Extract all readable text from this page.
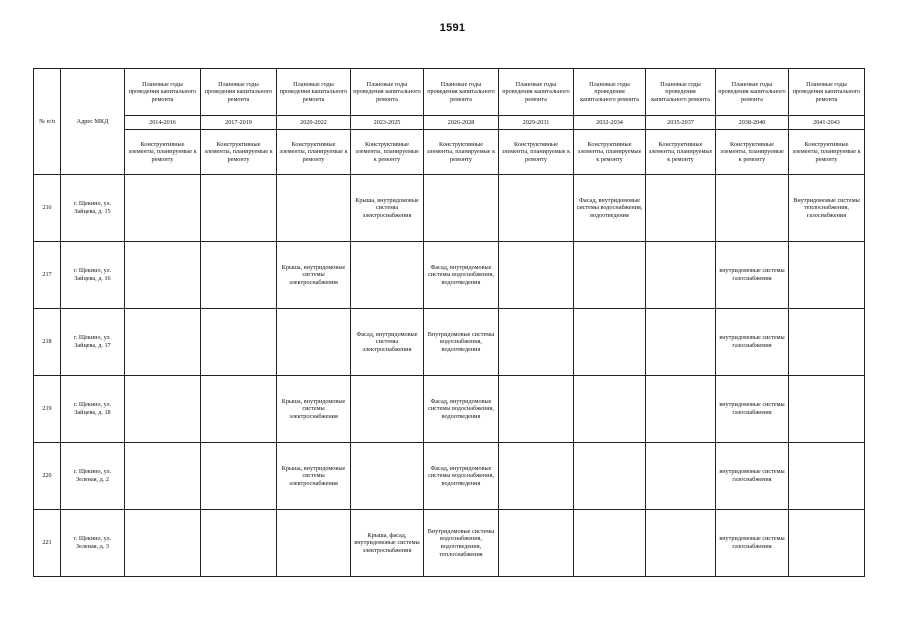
1591
№ п/п	Адрес МКД	Плановые годы проведения капитального ремонта	Плановые годы проведения капитального ремонта	Плановые годы проведения капитального ремонта	Плановые годы проведения капитального ремонта	Плановые годы проведения капитального ремонта	Плановые годы проведения капитального ремонта	Плановые годы проведения капитального ремонта	Плановые годы проведения капитального ремонта	Плановые годы проведения капитального ремонта	Плановые годы проведения капитального ремонта
		2014-2016	2017-2019	2020-2022	2023-2025	2026-2028	2029-2031	2032-2034	2035-2037	2038-2040	2041-2043
		Конструктивные элементы, планируемые к ремонту	Конструктивные элементы, планируемые к ремонту	Конструктивные элементы, планируемые к ремонту	Конструктивные элементы, планируемые к ремонту	Конструктивные элементы, планируемые к ремонту	Конструктивные элементы, планируемые к ремонту	Конструктивные элементы, планируемые к ремонту	Конструктивные элементы, планируемые к ремонту	Конструктивные элементы, планируемые к ремонту	Конструктивные элементы, планируемые к ремонту
216	г. Щекино, ул. Зайцева, д. 15				Крыша, внутридомовые системы электроснабжения			Фасад, внутридомовые системы водоснабжения, водоотведения			Внутридомовые системы теплоснабжения, газоснабжения
217	г. Щекино, ул. Зайцева, д. 16			Крыша, внутридомовые системы электроснабжения		Фасад, внутридомовые системы водоснабжения, водоотведения				внутридомовые системы газоснабжения	
218	г. Щекино, ул. Зайцева, д. 17				Фасад, внутридомовые системы электроснабжения	Внутридомовые системы водоснабжения, водоотведения				внутридомовые системы газоснабжения	
219	г. Щекино, ул. Зайцева, д. 18			Крыша, внутридомовые системы электроснабжения		Фасад, внутридомовые системы водоснабжения, водоотведения				внутридомовые системы газоснабжения	
220	г. Щекино, ул. Зеленая, д. 2			Крыша, внутридомовые системы электроснабжения		Фасад, внутридомовые системы водоснабжения, водоотведения				внутридомовые системы газоснабжения	
221	г. Щекино, ул. Зеленая, д. 3				Крыша, фасад, внутридомовые системы электроснабжения	Внутридомовые системы водоснабжения, водоотведения, теплоснабжения				внутридомовые системы газоснабжения	
